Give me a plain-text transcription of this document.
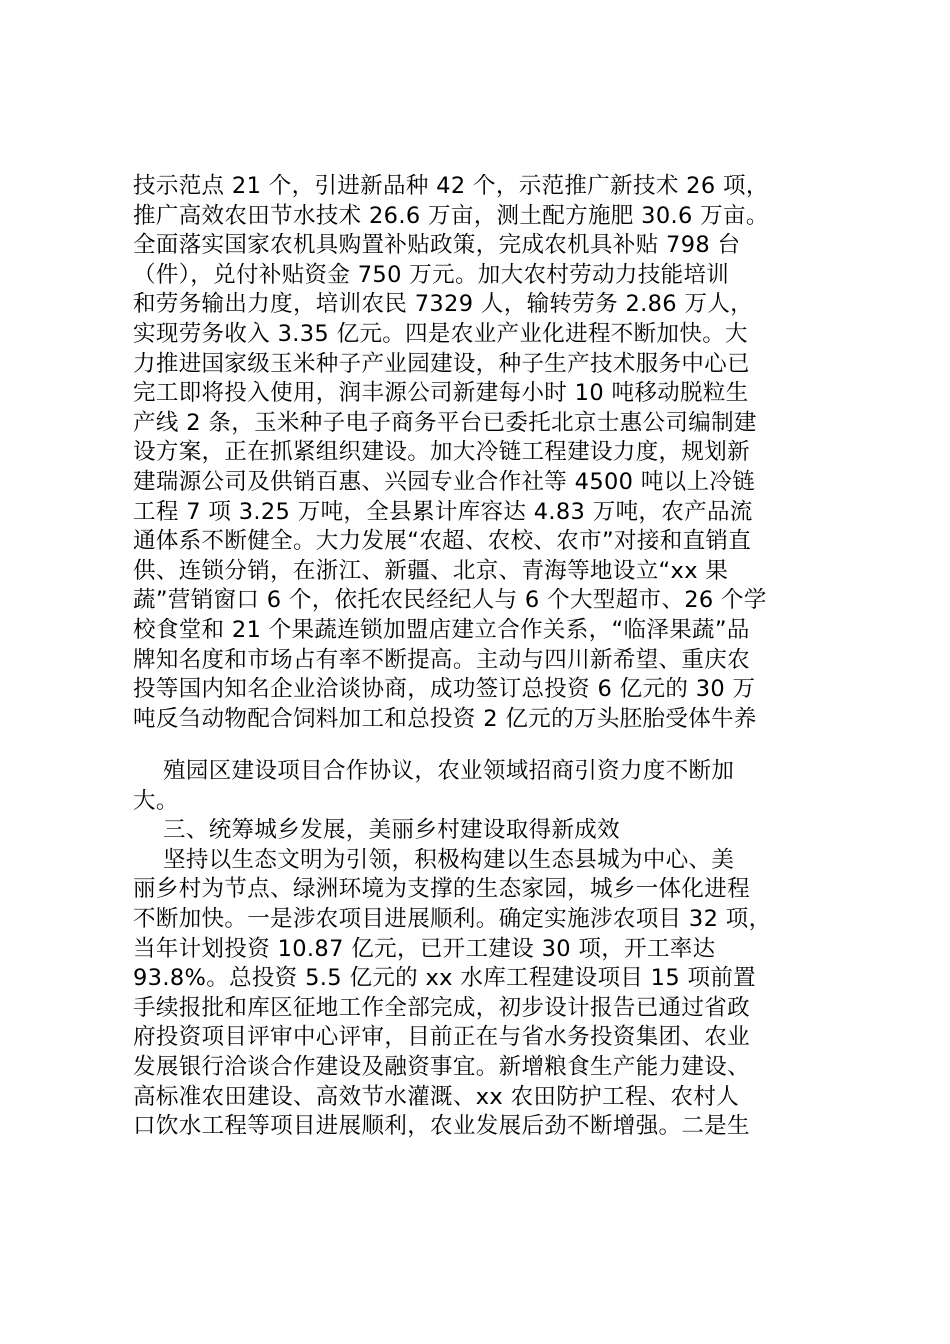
技示范点 21 个，引进新品种 42 个，示范推广新技术 26 项，
推广高效农田节水技术 26.6 万亩，测土配方施肥 30.6 万亩。
全面落实国家农机具购置补贴政策，完成农机具补贴 798 台
（件），兑付补贴资金 750 万元。加大农村劳动力技能培训
和劳务输出力度，培训农民 7329 人，输转劳务 2.86 万人，
实现劳务收入 3.35 亿元。四是农业产业化进程不断加快。大
力推进国家级玉米种子产业园建设，种子生产技术服务中心已
完工即将投入使用，润丰源公司新建每小时 10 吨移动脱粒生
产线 2 条，玉米种子电子商务平台已委托北京士惠公司编制建
设方案，正在抓紧组织建设。加大冷链工程建设力度，规划新
建瑞源公司及供销百惠、兴园专业合作社等 4500 吨以上冷链
工程 7 项 3.25 万吨，全县累计库容达 4.83 万吨，农产品流
通体系不断健全。大力发展“农超、农校、农市”对接和直销直
供、连锁分销，在浙江、新疆、北京、青海等地设立“xx 果
蔬”营销窗口 6 个，依托农民经纪人与 6 个大型超市、26 个学
校食堂和 21 个果蔬连锁加盟店建立合作关系，“临泽果蔬”品
牌知名度和市场占有率不断提高。主动与四川新希望、重庆农
投等国内知名企业洽谈协商，成功签订总投资 6 亿元的 30 万
吨反刍动物配合饲料加工和总投资 2 亿元的万头胚胎受体牛养
殖园区建设项目合作协议，农业领域招商引资力度不断加
大。
三、统筹城乡发展，美丽乡村建设取得新成效
坚持以生态文明为引领，积极构建以生态县城为中心、美
丽乡村为节点、绿洲环境为支撑的生态家园，城乡一体化进程
不断加快。一是涉农项目进展顺利。确定实施涉农项目 32 项，
当年计划投资 10.87 亿元，已开工建设 30 项，开工率达
93.8%。总投资 5.5 亿元的 xx 水库工程建设项目 15 项前置
手续报批和库区征地工作全部完成，初步设计报告已通过省政
府投资项目评审中心评审，目前正在与省水务投资集团、农业
发展银行洽谈合作建设及融资事宜。新增粮食生产能力建设、
高标准农田建设、高效节水灌溉、xx 农田防护工程、农村人
口饮水工程等项目进展顺利，农业发展后劲不断增强。二是生
